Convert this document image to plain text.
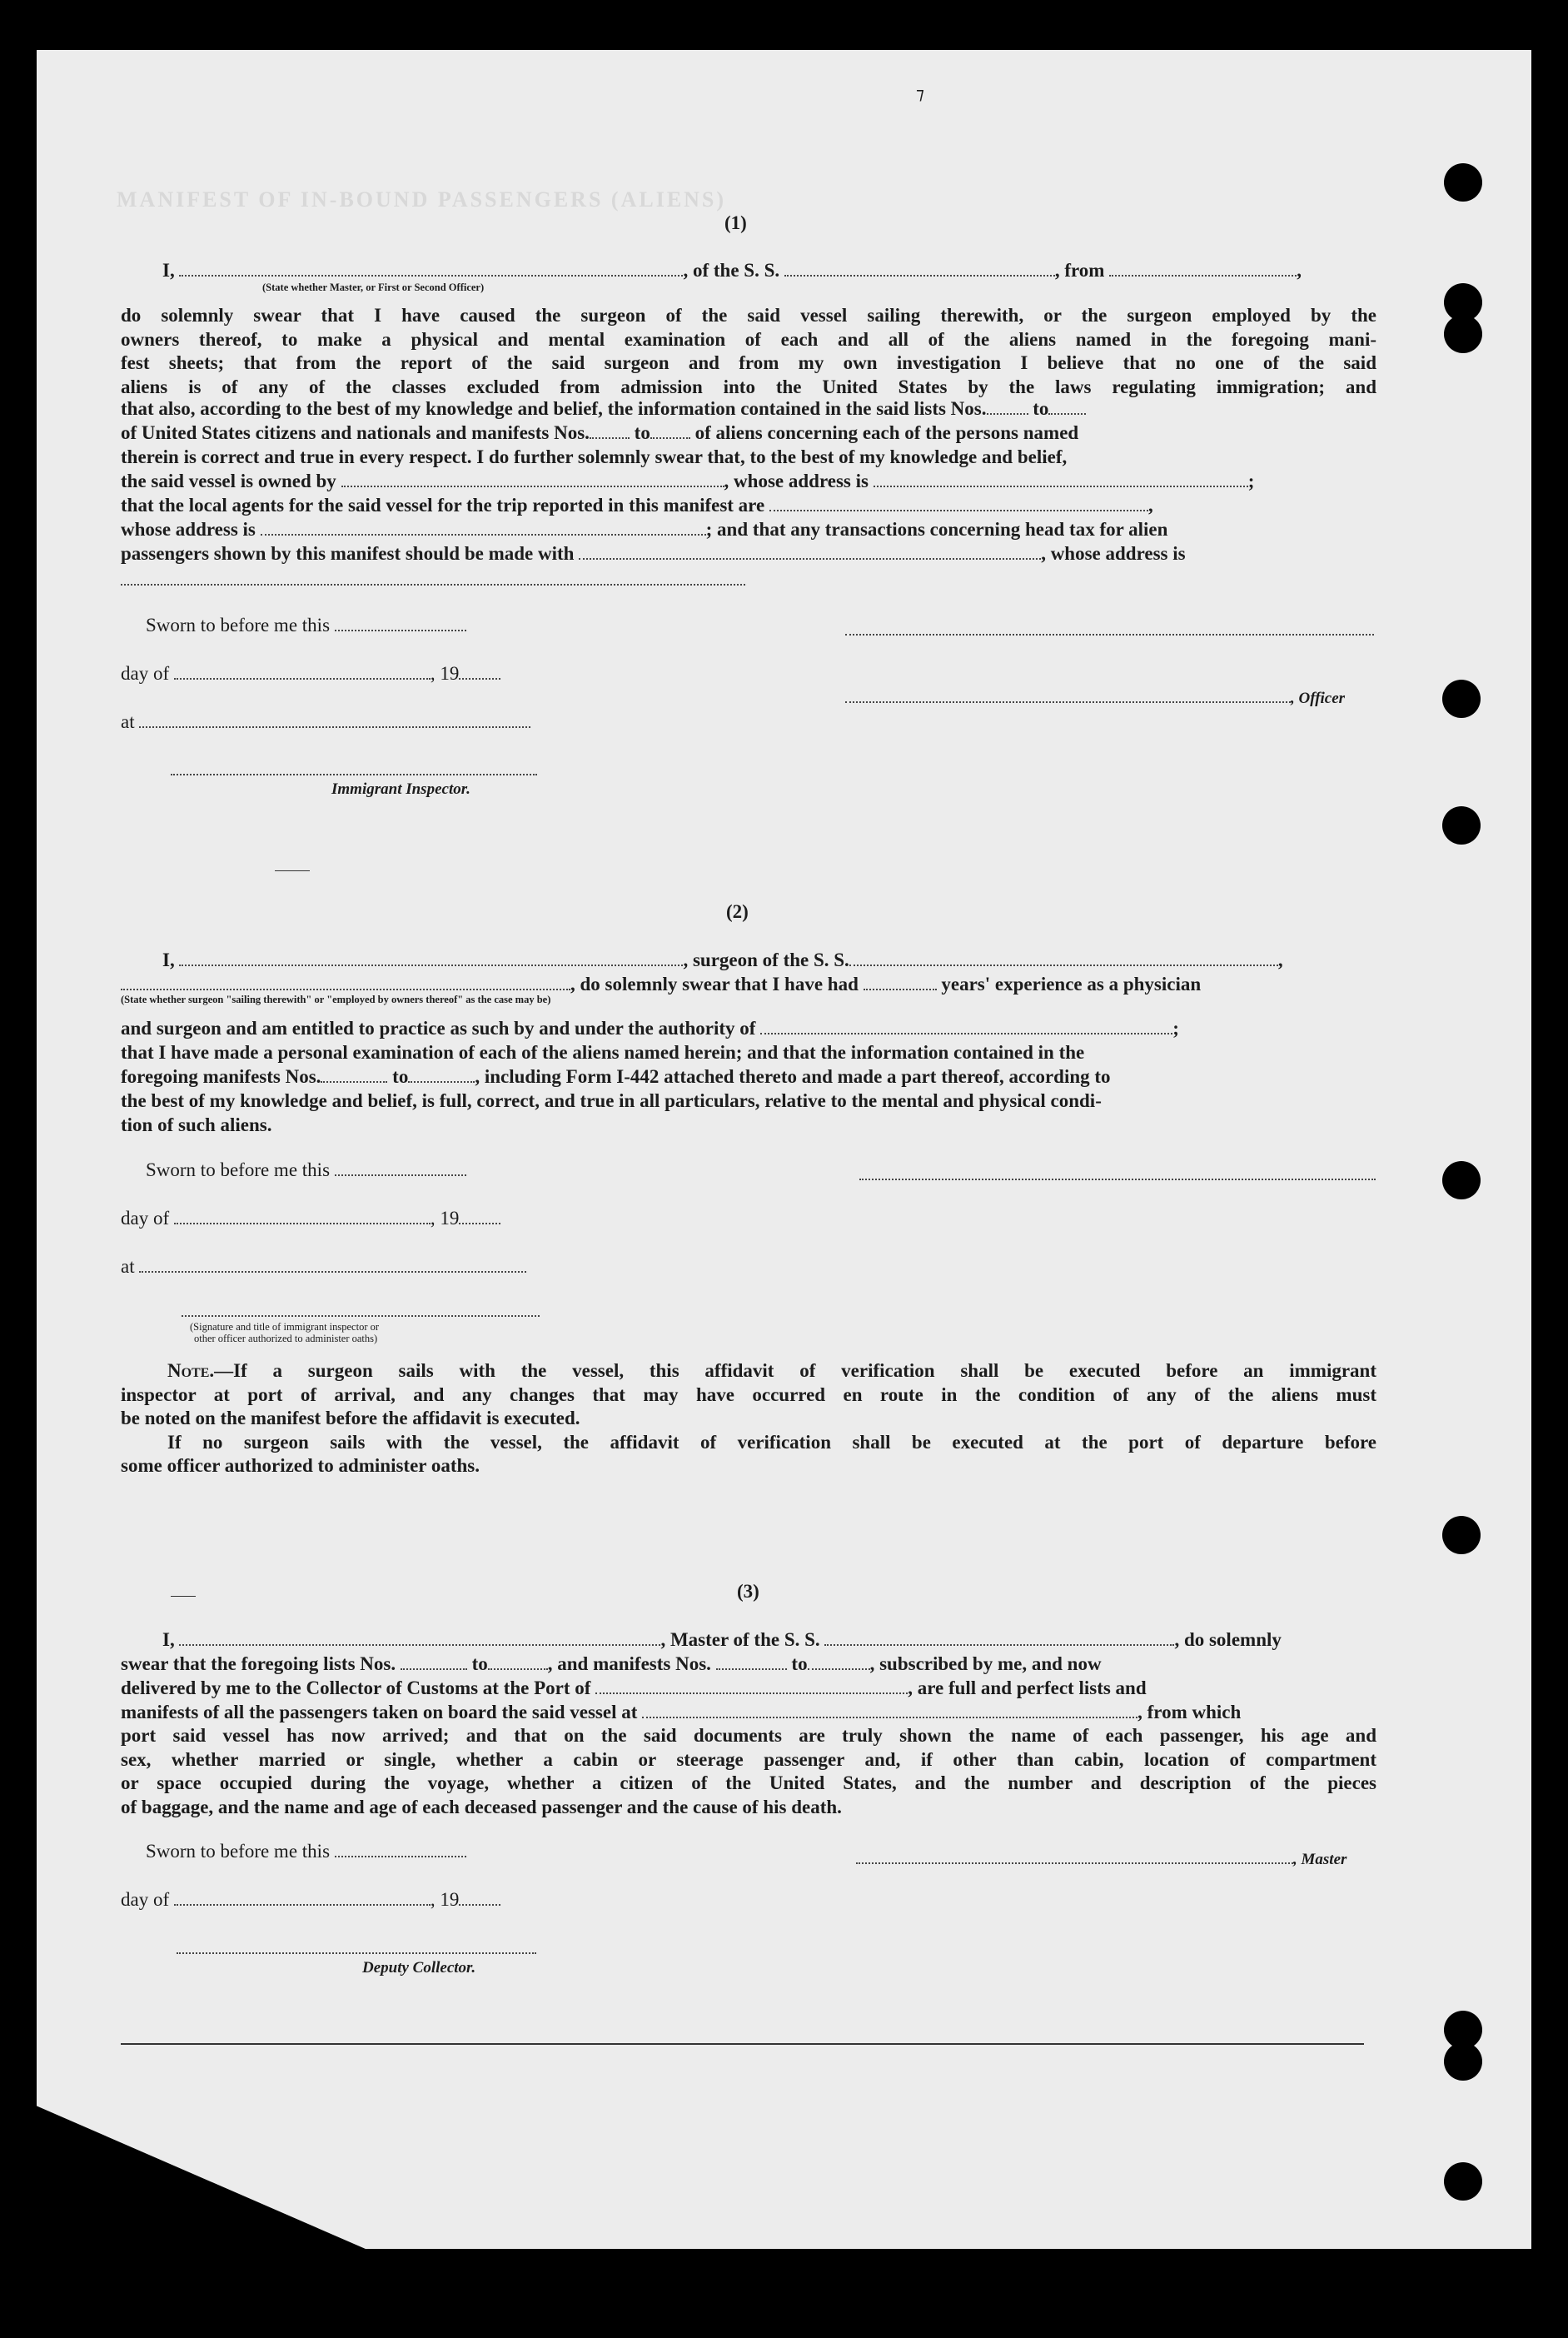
MANIFEST OF IN-BOUND PASSENGERS (ALIENS)
⁊
(1)
I,	, of the S. S.	, from	,
(State whether Master, or First or Second Officer)
do solemnly swear that I have caused the surgeon of the said vessel sailing therewith, or the surgeon employed by the
owners thereof, to make a physical and mental examination of each and all of the aliens named in the foregoing mani-
fest sheets; that from the report of the said surgeon and from my own investigation I believe that no one of the said
aliens is of any of the classes excluded from admission into the United States by the laws regulating immigration; and
that also, according to the best of my knowledge and belief, the information contained in the said lists Nos. to
of United States citizens and nationals and manifests Nos. to of aliens concerning each of the persons named
therein is correct and true in every respect. I do further solemnly swear that, to the best of my knowledge and belief,
the said vessel is owned by	, whose address is	;
that the local agents for the said vessel for the trip reported in this manifest are	,
whose address is	; and that any transactions concerning head tax for alien
passengers shown by this manifest should be made with	, whose address is
Sworn to before me this
day of	, 19
, Officer
at
Immigrant Inspector.
(2)
I,	, surgeon of the S. S.	,
, do solemnly swear that I have had	years' experience as a physician
(State whether surgeon "sailing therewith" or "employed by owners thereof" as the case may be)
and surgeon and am entitled to practice as such by and under the authority of	;
that I have made a personal examination of each of the aliens named herein; and that the information contained in the
foregoing manifests Nos.	to	, including Form I-442 attached thereto and made a part thereof, according to
the best of my knowledge and belief, is full, correct, and true in all particulars, relative to the mental and physical condi-
tion of such aliens.
Sworn to before me this
day of	, 19
at
(Signature and title of immigrant inspector or
other officer authorized to administer oaths)
Note.—If a surgeon sails with the vessel, this affidavit of verification shall be executed before an immigrant
inspector at port of arrival, and any changes that may have occurred en route in the condition of any of the aliens must
be noted on the manifest before the affidavit is executed.
If no surgeon sails with the vessel, the affidavit of verification shall be executed at the port of departure before
some officer authorized to administer oaths.
(3)
I,	, Master of the S. S.	, do solemnly
swear that the foregoing lists Nos.	to	, and manifests Nos.	to	, subscribed by me, and now
delivered by me to the Collector of Customs at the Port of	, are full and perfect lists and
manifests of all the passengers taken on board the said vessel at	, from which
port said vessel has now arrived; and that on the said documents are truly shown the name of each passenger, his age and
sex, whether married or single, whether a cabin or steerage passenger and, if other than cabin, location of compartment
or space occupied during the voyage, whether a citizen of the United States, and the number and description of the pieces
of baggage, and the name and age of each deceased passenger and the cause of his death.
Sworn to before me this	, Master
day of	, 19
Deputy Collector.
